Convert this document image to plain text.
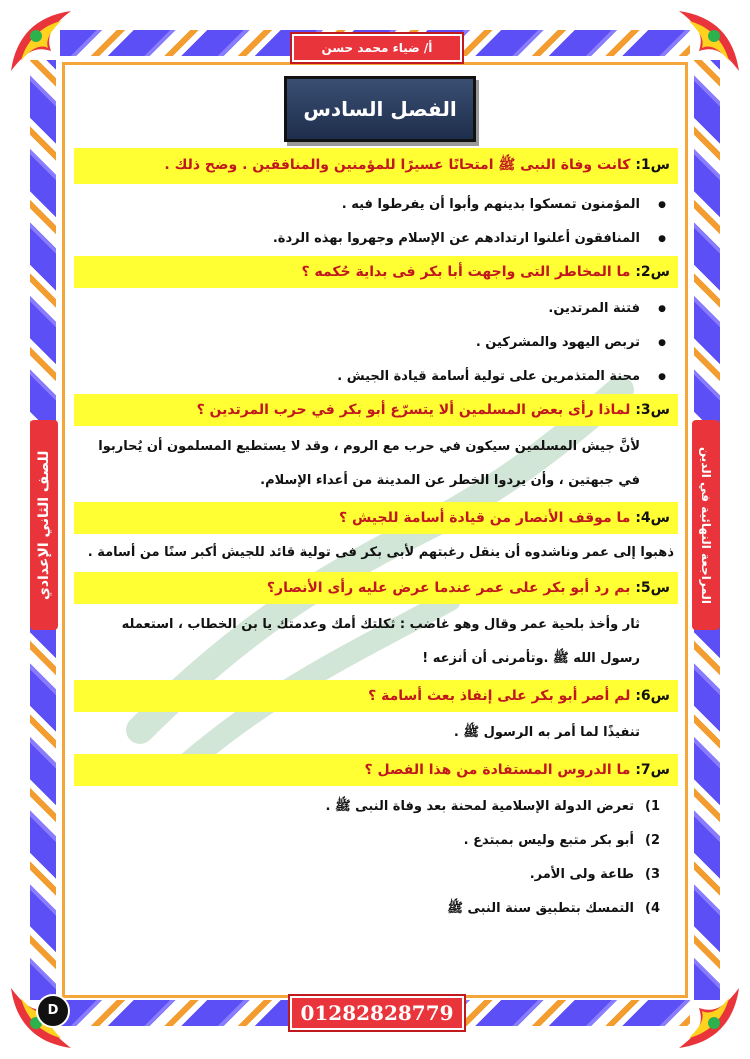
أ/ ضياء محمد حسن
الفصل السادس
للصف الثاني الإعدادي	المراجعة النهائية في الدين
س1: كانت وفاة النبى ﷺ امتحانًا عسيرًا للمؤمنين والمنافقين . وضح ذلك .
● المؤمنون تمسكوا بدينهم وأبوا أن يفرطوا فيه .
● المنافقون أعلنوا ارتدادهم عن الإسلام وجهروا بهذه الردة.
س2: ما المخاطر التى واجهت أبا بكر فى بداية حُكمه ؟
● فتنة المرتدين.
● تربص اليهود والمشركين .
● محنة المتذمرين على تولية أسامة قيادة الجيش .
س3: لماذا رأى بعض المسلمين ألا يتسرّع أبو بكر في حرب المرتدين ؟
لأنَّ جيش المسلمين سيكون في حرب مع الروم ، وقد لا يستطيع المسلمون أن يُحاربوا
في جبهتين ، وأن يردوا الخطر عن المدينة من أعداء الإسلام.
س4: ما موقف الأنصار من قيادة أسامة للجيش ؟
ذهبوا إلى عمر وناشدوه أن ينقل رغبتهم لأبى بكر فى تولية قائد للجيش أكبر سنًا من أسامة .
س5: بم رد أبو بكر على عمر عندما عرض عليه رأى الأنصار؟
ثار وأخذ بلحية عمر وقال وهو غاضب : ثكلتك أمك وعدمتك يا بن الخطاب ، استعمله
رسول الله ﷺ .وتأمرنى أن أنزعه !
س6: لم أصر أبو بكر على إنفاذ بعث أسامة ؟
تنفيذًا لما أمر به الرسول ﷺ .
س7: ما الدروس المستفادة من هذا الفصل ؟
1)
تعرض الدولة الإسلامية لمحنة بعد وفاة النبى ﷺ .
2)
أبو بكر متبع وليس بمبتدع .
3)
طاعة ولى الأمر.
4)
التمسك بتطبيق سنة النبى ﷺ
01282828779
D
